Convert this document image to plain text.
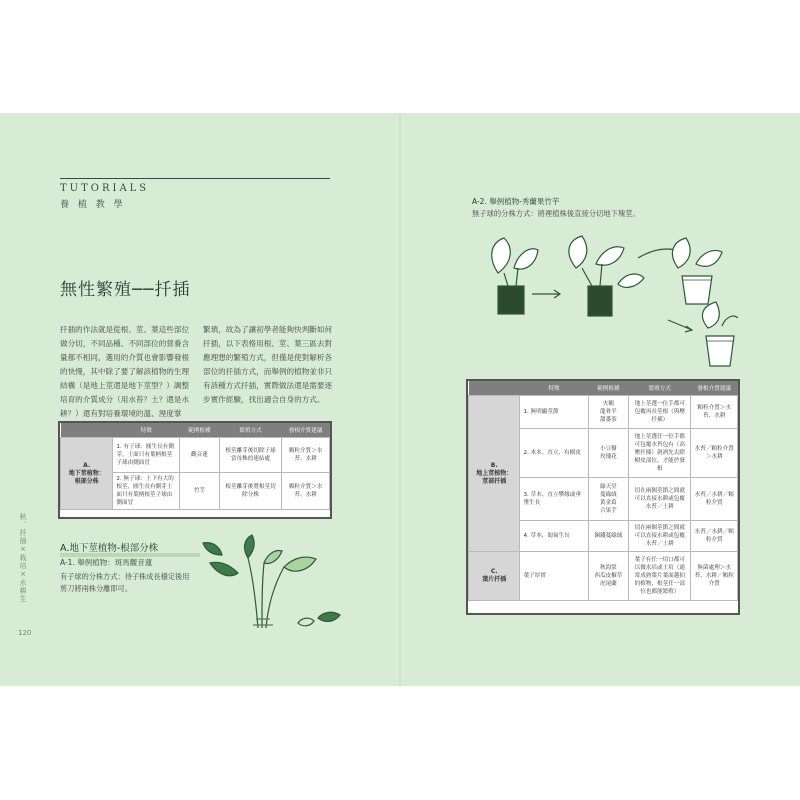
TUTORIALS
養 植 教 學
無性繁殖──扦插
扦插的作法就是從根、莖、葉這些部位做分切，不同品種、不同部位的營養含量都不相同，選用的介質也會影響發根的快慢，其中除了要了解該植物的生理結構（是地上莖還是地下莖型？）調整培育的介質成分（用水苔？土？還是水耕？）還有對培養環境的溫、溼度掌
繁瑣，故為了讓初學者能夠快判斷如何扦插，以下表格用根、莖、葉三區去對應理想的繁殖方式，但僅是使對解析各部位的扦插方式，而舉例的植物並非只有該種方式扦插，實際做法還是需要逐步實作經驗，找出適合自身的方式。
	特徵	範例植種	繁殖方式	發根介質建議
A.
地下莖植物：
根部分株	1. 有子球：圓生長有側芽，土面只有葉柄根莖子球由側面冒	觀音蓮	根莖離芽後切除子球當母株的連結處	顆粒介質＞水苔、水耕
	2. 無子球：土下有大的根莖，圓生長有側芽土面只有葉柄根莖子球由側面冒	竹芋	根莖離芽後將根莖切除分株	顆粒介質＞水苔、水耕
A.地下莖植物-根部分株
A-1. 舉例植物：斑馬觀音蓮
有子球的分株方式：待子株成長穩定後用剪刀將兩株分離即可。
秋．扦插×栽培×水耕生
120
A-2. 舉例植物-秀蘭果竹芋
無子球的分株方式：將裡植株後直接分切地下塊莖。
	特徵	範例植種	繁殖方式	發根介質建議
B.
地上莖植物：
莖部扦插	1. 無明顯莖節	火鶴
龍骨半
甜番茶	地上莖選一位手都可包覆再長莖根（與壓扦插）	顆粒介質＞水苔、水耕
	2. 木本、直立、有樹皮	小豆樹
玫瑰花	地上莖選任一位手都可包覆水苔包有（高壓扦插）剝酒先去除樹皮部位，才能於發根	水苔／顆粒介質＞水耕
	3. 草本、直立攀緣或垂墜生長	綠天堂
蔓綠絨
黃金葛
合果芋	切在兩個莖節之間就可以直接水耕或包覆水苔／土耕	水苔／水耕／顆粒介質
	4. 草本，匍匐生長	銅錢蔓綠絨	切在兩個莖節之間就可以直接水耕或包覆水苔／土耕	水苔／水耕／顆粒介質
C.
葉片扦插	葉子厚實	秋海棠
西瓜皮椒草
虎尾蘭	葉子有任一切口都可以做水培或土培（通常成熟葉片葉面越拍的植物，根莖任一部位也都能繁殖）	無菌處理＞水苔、水耕／顆粒介質
